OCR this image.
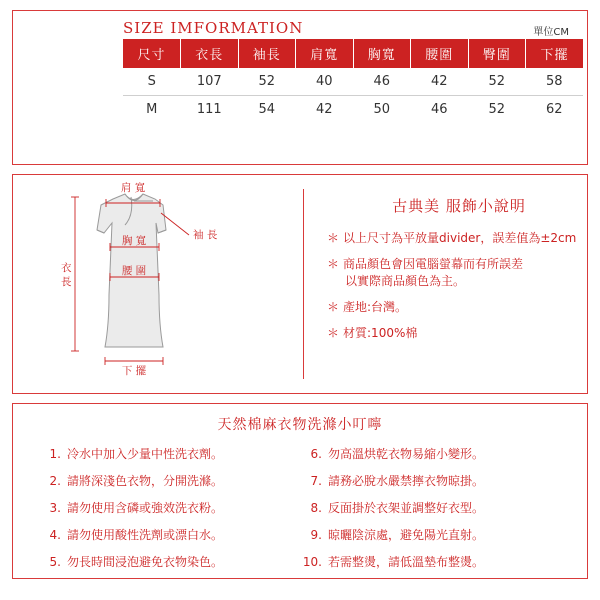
SIZE IMFORMATION	單位CM
尺寸	衣長	袖長	肩寬	胸寬	腰圍	臀圍	下擺
S	107	52	40	46	42	52	58
M	111	54	42	50	46	52	62
肩 寬
袖 長
胸 寬
腰 圍
下 擺
衣
長
古典美 服飾小說明
＊ 以上尺寸為平放量divider，誤差值為±2cm
＊ 商品顏色會因電腦螢幕而有所誤差
以實際商品顏色為主。
＊ 產地:台灣。
＊ 材質:100%棉
天然棉麻衣物洗滌小叮嚀
1. 冷水中加入少量中性洗衣劑。
2. 請將深淺色衣物，分開洗滌。
3. 請勿使用含磷或強效洗衣粉。
4. 請勿使用酸性洗劑或漂白水。
5. 勿長時間浸泡避免衣物染色。
6. 勿高溫烘乾衣物易縮小變形。
7. 請務必脫水嚴禁擰衣物晾掛。
8. 反面掛於衣架並調整好衣型。
9. 晾曬陰涼處，避免陽光直射。
10. 若需整燙，請低溫墊布整燙。
